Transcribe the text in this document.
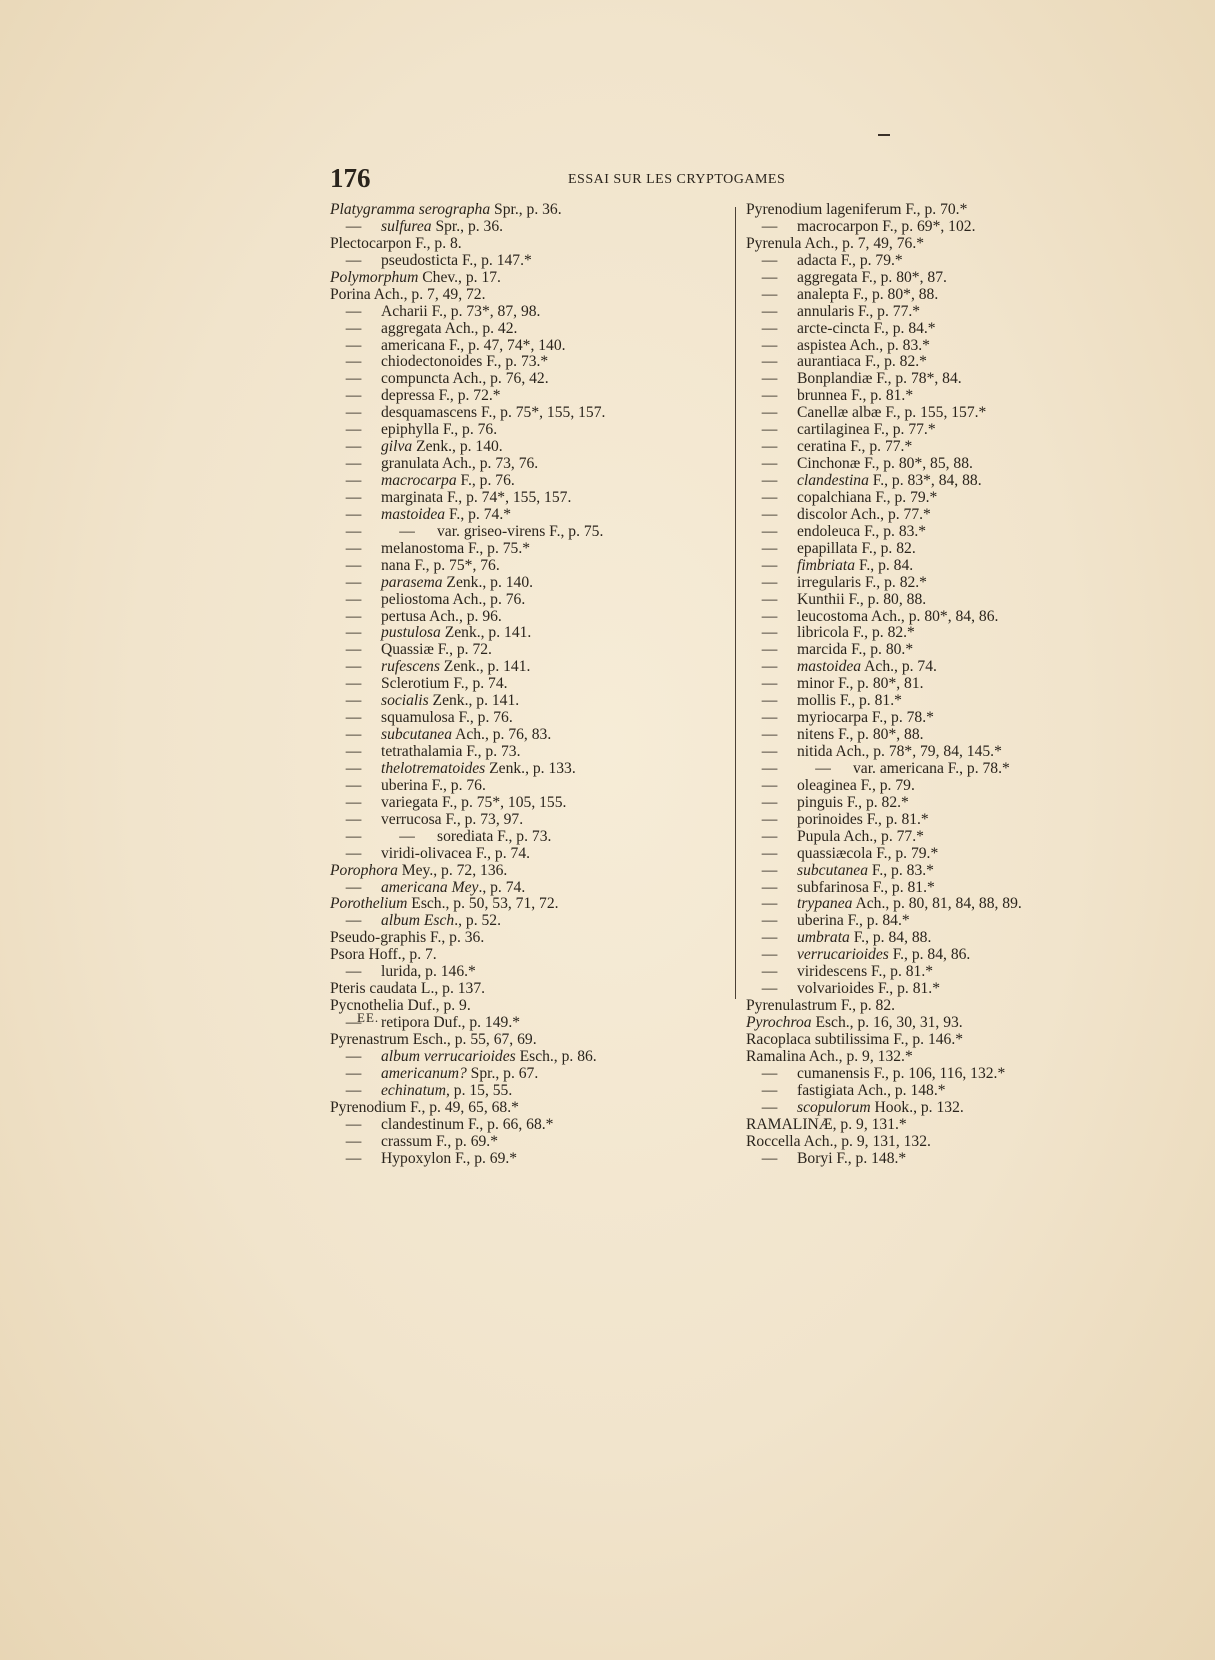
176	ESSAI SUR LES CRYPTOGAMES
Platygramma serographa Spr., p. 36.
— sulfurea Spr., p. 36.
Plectocarpon F., p. 8.
— pseudosticta F., p. 147.*
Polymorphum Chev., p. 17.
Porina Ach., p. 7, 49, 72.
— Acharii F., p. 73*, 87, 98.
— aggregata Ach., p. 42.
— americana F., p. 47, 74*, 140.
— chiodectonoides F., p. 73.*
— compuncta Ach., p. 76, 42.
— depressa F., p. 72.*
— desquamascens F., p. 75*, 155, 157.
— epiphylla F., p. 76.
— gilva Zenk., p. 140.
— granulata Ach., p. 73, 76.
— macrocarpa F., p. 76.
— marginata F., p. 74*, 155, 157.
— mastoidea F., p. 74.*
— — var. griseo-virens F., p. 75.
— melanostoma F., p. 75.*
— nana F., p. 75*, 76.
— parasema Zenk., p. 140.
— peliostoma Ach., p. 76.
— pertusa Ach., p. 96.
— pustulosa Zenk., p. 141.
— Quassiæ F., p. 72.
— rufescens Zenk., p. 141.
— Sclerotium F., p. 74.
— socialis Zenk., p. 141.
— squamulosa F., p. 76.
— subcutanea Ach., p. 76, 83.
— tetrathalamia F., p. 73.
— thelotrematoides Zenk., p. 133.
— uberina F., p. 76.
— variegata F., p. 75*, 105, 155.
— verrucosa F., p. 73, 97.
— — sorediata F., p. 73.
— viridi-olivacea F., p. 74.
Porophora Mey., p. 72, 136.
— americana Mey., p. 74.
Porothelium Esch., p. 50, 53, 71, 72.
— album Esch., p. 52.
Pseudo-graphis F., p. 36.
Psora Hoff., p. 7.
— lurida, p. 146.*
Pteris caudata L., p. 137.
Pycnothelia Duf., p. 9.
— retipora Duf., p. 149.*
Pyrenastrum Esch., p. 55, 67, 69.
— album verrucarioides Esch., p. 86.
— americanum? Spr., p. 67.
— echinatum, p. 15, 55.
Pyrenodium F., p. 49, 65, 68.*
— clandestinum F., p. 66, 68.*
— crassum F., p. 69.*
— Hypoxylon F., p. 69.*
Pyrenodium lageniferum F., p. 70.*
— macrocarpon F., p. 69*, 102.
Pyrenula Ach., p. 7, 49, 76.*
— adacta F., p. 79.*
— aggregata F., p. 80*, 87.
— analepta F., p. 80*, 88.
— annularis F., p. 77.*
— arcte-cincta F., p. 84.*
— aspistea Ach., p. 83.*
— aurantiaca F., p. 82.*
— Bonplandiæ F., p. 78*, 84.
— brunnea F., p. 81.*
— Canellæ albæ F., p. 155, 157.*
— cartilaginea F., p. 77.*
— ceratina F., p. 77.*
— Cinchonæ F., p. 80*, 85, 88.
— clandestina F., p. 83*, 84, 88.
— copalchiana F., p. 79.*
— discolor Ach., p. 77.*
— endoleuca F., p. 83.*
— epapillata F., p. 82.
— fimbriata F., p. 84.
— irregularis F., p. 82.*
— Kunthii F., p. 80, 88.
— leucostoma Ach., p. 80*, 84, 86.
— libricola F., p. 82.*
— marcida F., p. 80.*
— mastoidea Ach., p. 74.
— minor F., p. 80*, 81.
— mollis F., p. 81.*
— myriocarpa F., p. 78.*
— nitens F., p. 80*, 88.
— nitida Ach., p. 78*, 79, 84, 145.*
— — var. americana F., p. 78.*
— oleaginea F., p. 79.
— pinguis F., p. 82.*
— porinoides F., p. 81.*
— Pupula Ach., p. 77.*
— quassiæcola F., p. 79.*
— subcutanea F., p. 83.*
— subfarinosa F., p. 81.*
— trypanea Ach., p. 80, 81, 84, 88, 89.
— uberina F., p. 84.*
— umbrata F., p. 84, 88.
— verrucarioides F., p. 84, 86.
— viridescens F., p. 81.*
— volvarioides F., p. 81.*
Pyrenulastrum F., p. 82.
Pyrochroa Esch., p. 16, 30, 31, 93.
Racoplaca subtilissima F., p. 146.*
Ramalina Ach., p. 9, 132.*
— cumanensis F., p. 106, 116, 132.*
— fastigiata Ach., p. 148.*
— scopulorum Hook., p. 132.
RAMALINÆ, p. 9, 131.*
Roccella Ach., p. 9, 131, 132.
— Boryi F., p. 148.*
EE.
